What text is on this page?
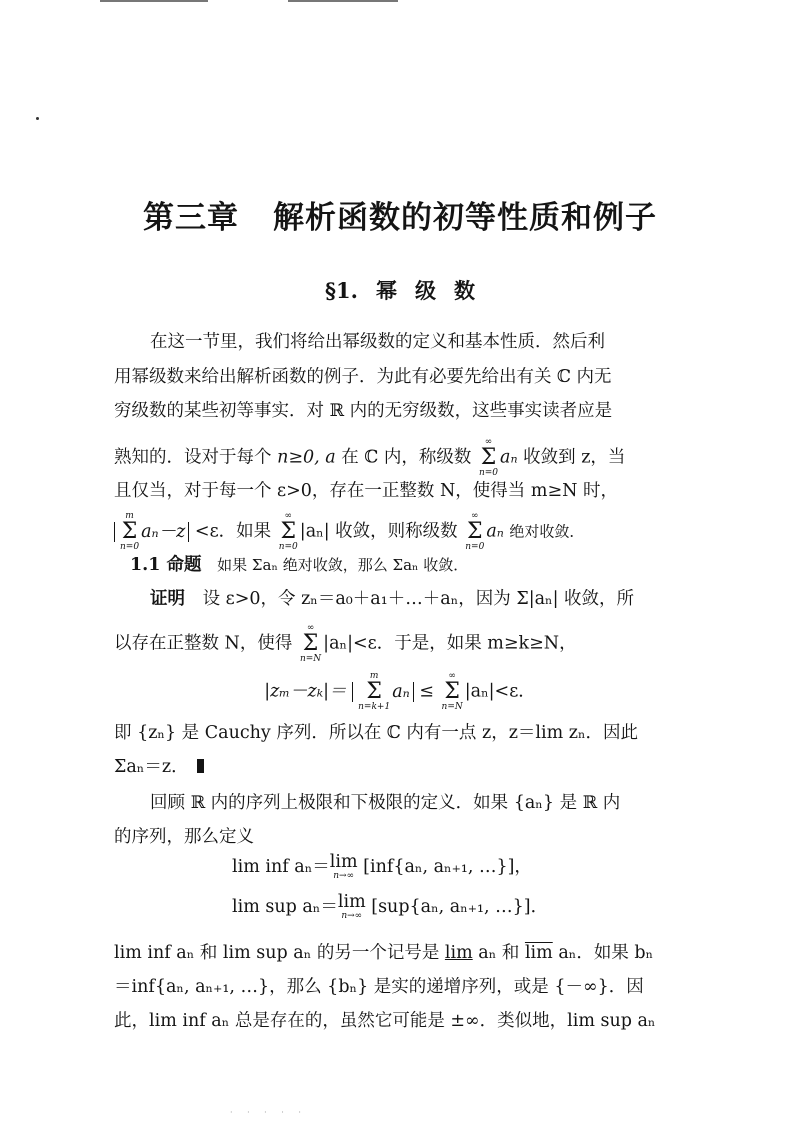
第三章 解析函数的初等性质和例子
§1. 幂 级 数
在这一节里，我们将给出幂级数的定义和基本性质．然后利
用幂级数来给出解析函数的例子．为此有必要先给出有关 ℂ 内无
穷级数的某些初等事实．对 ℝ 内的无穷级数，这些事实读者应是
熟知的．设对于每个 n≥0, a 在 ℂ 内，称级数
∞
Σ
n=0
aₙ 收敛到 z，当
且仅当，对于每一个 ε>0，存在一正整数 N，使得当 m≥N 时，
m
Σ
n=0
aₙ－z <ε．如果
∞
Σ
n=0
|aₙ| 收敛，则称级数
∞
Σ
n=0
aₙ 绝对收敛．
1.1 命题 如果 Σaₙ 绝对收敛，那么 Σaₙ 收敛．
证明 设 ε>0，令 zₙ＝a₀＋a₁＋…＋aₙ，因为 Σ|aₙ| 收敛，所
以存在正整数 N，使得
∞
Σ
n=N
|aₙ|<ε．于是，如果 m≥k≥N，
|zₘ－zₖ|＝
m
Σ
n=k+1
aₙ ≤
∞
Σ
n=N
|aₙ|<ε．
即 {zₙ} 是 Cauchy 序列．所以在 ℂ 内有一点 z，z＝lim zₙ．因此
Σaₙ＝z．
回顾 ℝ 内的序列上极限和下极限的定义．如果 {aₙ} 是 ℝ 内
的序列，那么定义
lim inf aₙ＝ lim
n→∞ [inf{aₙ, aₙ₊₁, …}]，
lim sup aₙ＝ lim
n→∞ [sup{aₙ, aₙ₊₁, …}]．
lim inf aₙ 和 lim sup aₙ 的另一个记号是 lim aₙ 和 $\overline{lim}$ aₙ．如果 bₙ
＝inf{aₙ, aₙ₊₁, …}，那么 {bₙ} 是实的递增序列，或是 {－∞}．因
此，lim inf aₙ 总是存在的，虽然它可能是 ±∞．类似地，lim sup aₙ
· · · · ·
